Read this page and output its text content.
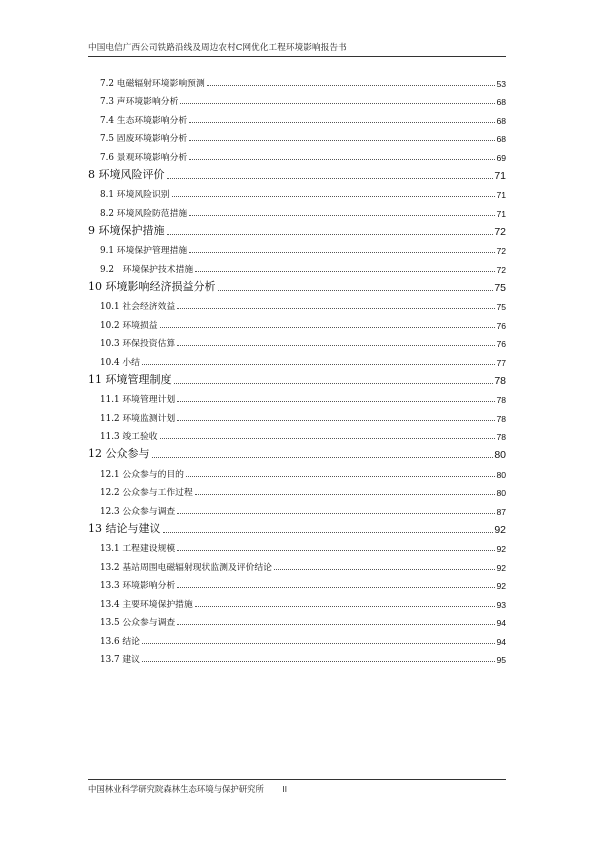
中国电信广西公司铁路沿线及周边农村C网优化工程环境影响报告书
7.2 电磁辐射环境影响预测	53
7.3 声环境影响分析	68
7.4 生态环境影响分析	68
7.5 固废环境影响分析	68
7.6 景观环境影响分析	69
8 环境风险评价	71
8.1 环境风险识别	71
8.2 环境风险防范措施	71
9 环境保护措施	72
9.1 环境保护管理措施	72
9.2　环境保护技术措施	72
10 环境影响经济损益分析	75
10.1 社会经济效益	75
10.2 环境损益	76
10.3 环保投资估算	76
10.4 小结	77
11 环境管理制度	78
11.1 环境管理计划	78
11.2 环境监测计划	78
11.3 竣工验收	78
12 公众参与	80
12.1 公众参与的目的	80
12.2 公众参与工作过程	80
12.3 公众参与调查	87
13 结论与建议	92
13.1 工程建设规模	92
13.2 基站周围电磁辐射现状监测及评价结论	92
13.3 环境影响分析	92
13.4 主要环境保护措施	93
13.5 公众参与调查	94
13.6 结论	94
13.7 建议	95
中国林业科学研究院森林生态环境与保护研究所 II
